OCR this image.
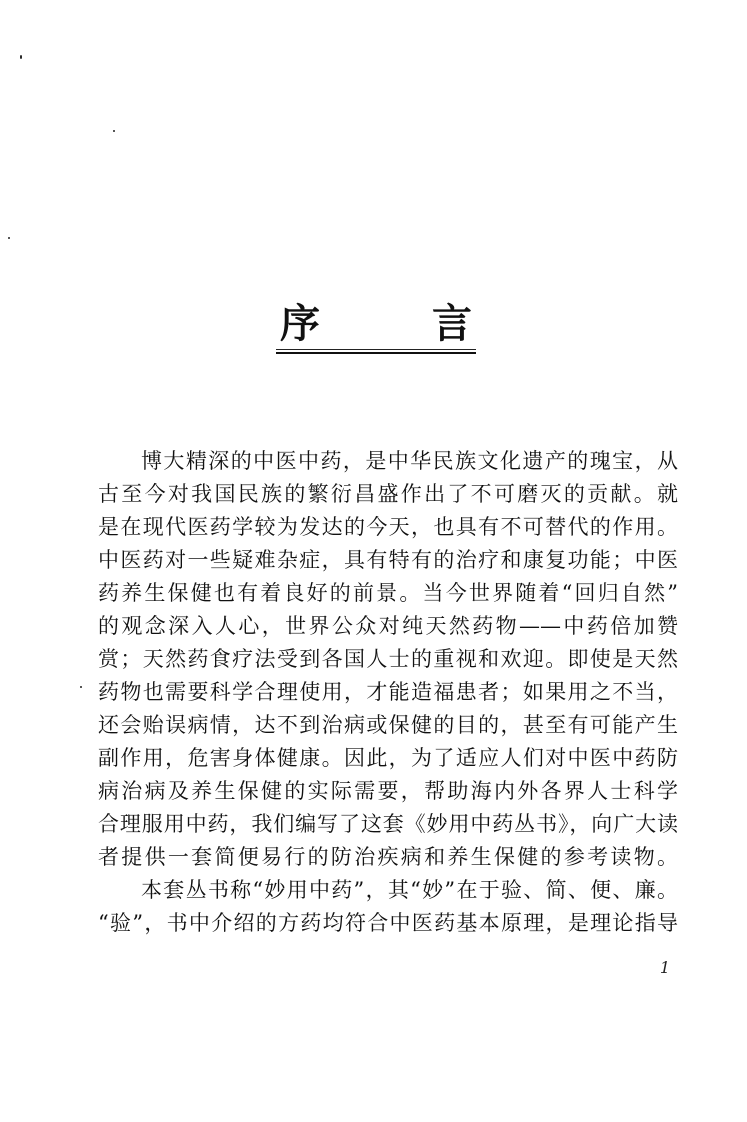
序	言
博大精深的中医中药，是中华民族文化遗产的瑰宝，从
古至今对我国民族的繁衍昌盛作出了不可磨灭的贡献。就
是在现代医药学较为发达的今天，也具有不可替代的作用。
中医药对一些疑难杂症，具有特有的治疗和康复功能；中医
药养生保健也有着良好的前景。当今世界随着“回归自然”
的观念深入人心，世界公众对纯天然药物——中药倍加赞
赏；天然药食疗法受到各国人士的重视和欢迎。即使是天然
药物也需要科学合理使用，才能造福患者；如果用之不当，
还会贻误病情，达不到治病或保健的目的，甚至有可能产生
副作用，危害身体健康。因此，为了适应人们对中医中药防
病治病及养生保健的实际需要，帮助海内外各界人士科学
合理服用中药，我们编写了这套《妙用中药丛书》，向广大读
者提供一套简便易行的防治疾病和养生保健的参考读物。
本套丛书称“妙用中药”，其“妙”在于验、简、便、廉。
“验”，书中介绍的方药均符合中医药基本原理，是理论指导
1
